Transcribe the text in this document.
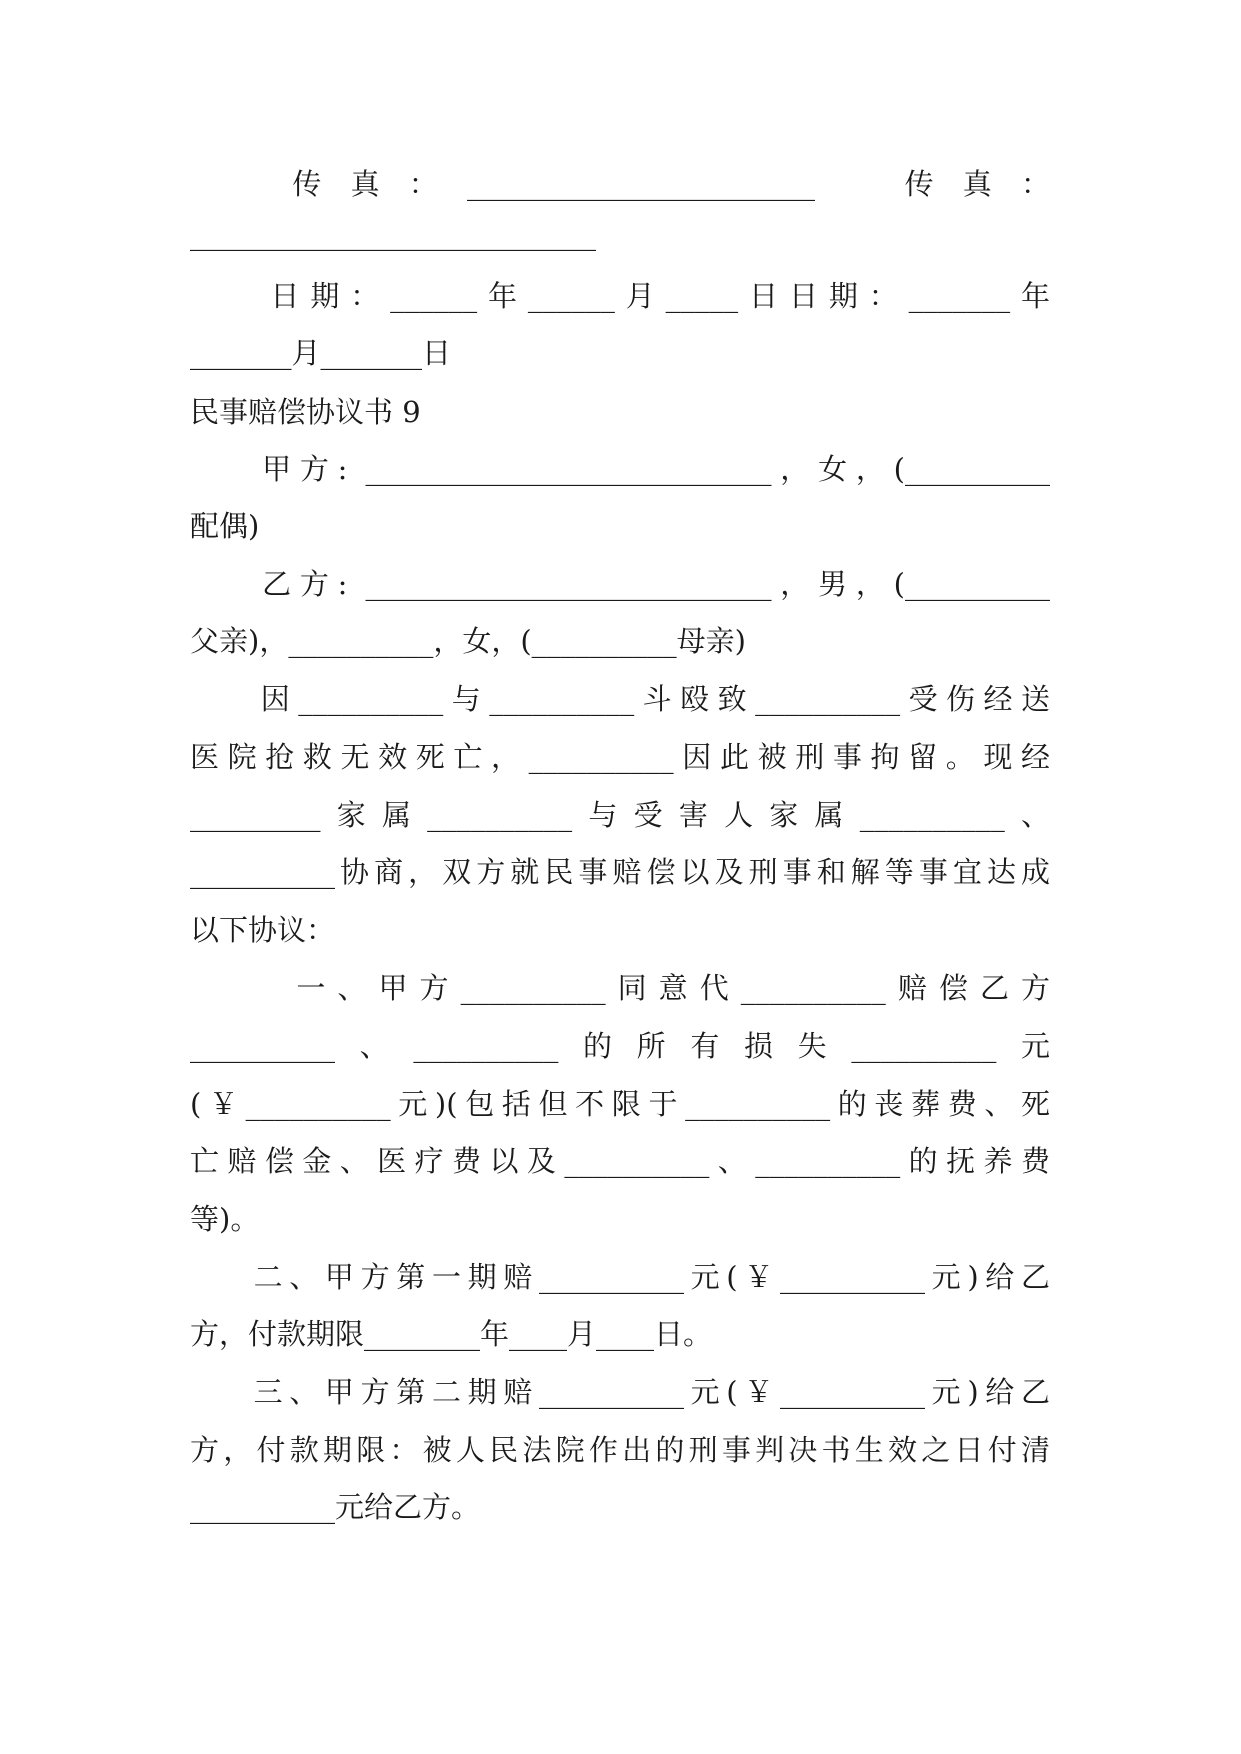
传  真  ：  ________________________       传  真  ：
____________________________
日期：______年______月_____日日期：_______年
_______月_______日
民事赔偿协议书 9
甲方: ____________________________，女，(__________
配偶)
乙方: ____________________________，男，(__________
父亲)，__________，女，(__________母亲)
因__________与__________斗殴致__________受伤经送
医院抢救无效死亡，__________因此被刑事拘留。现经
_________家属__________与受害人家属__________、
__________协商，双方就民事赔偿以及刑事和解等事宜达成
以下协议：
一、甲方__________同意代__________赔偿乙方
__________、__________的所有损失__________元
(￥__________元)(包括但不限于__________的丧葬费、死
亡赔偿金、医疗费以及__________、__________的抚养费
等)。
二、甲方第一期赔__________元(￥__________元)给乙
方，付款期限________年____月____日。
三、甲方第二期赔__________元(￥__________元)给乙
方，付款期限：被人民法院作出的刑事判决书生效之日付清
__________元给乙方。
